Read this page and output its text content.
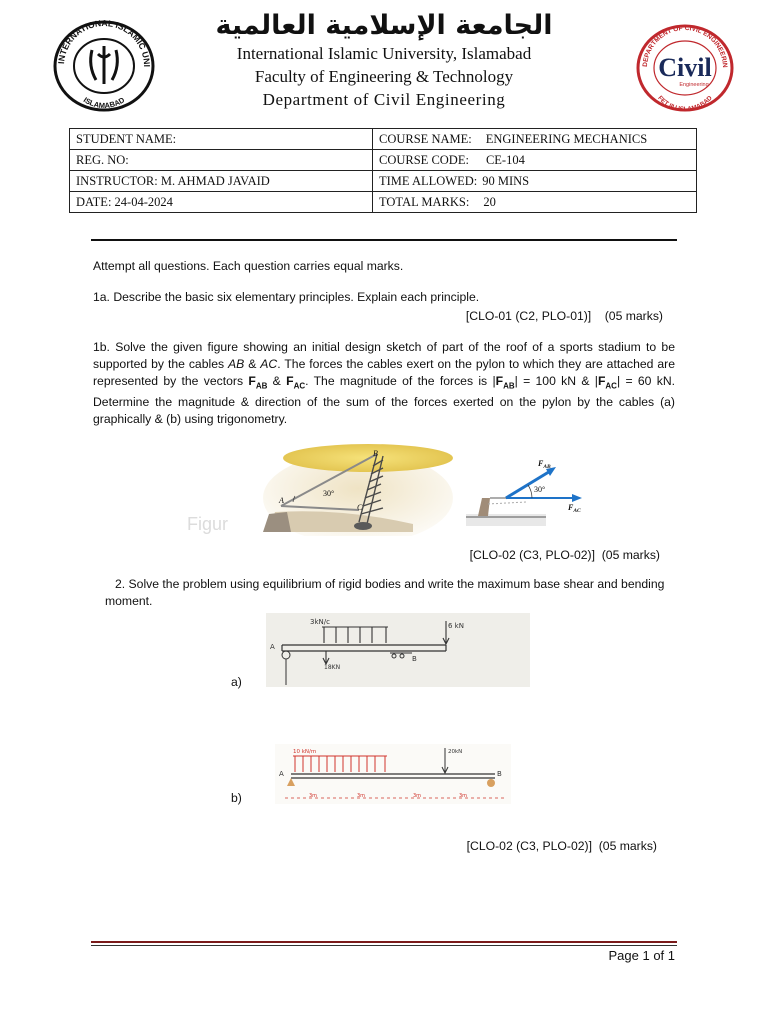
INTERNATIONAL ISLAMIC UNI
ISLAMABAD
الجامعة الإسلامية العالمية
International Islamic University, Islamabad
Faculty of Engineering & Technology
Department of Civil Engineering
DEPARTMENT OF CIVIL ENGINEERIN
FET IIU ISLAMABAD
Civil
Engineering
STUDENT NAME:	COURSE NAME: ENGINEERING MECHANICS
REG. NO:	COURSE CODE: CE-104
INSTRUCTOR: M. AHMAD JAVAID	TIME ALLOWED: 90 MINS
DATE: 24-04-2024	TOTAL MARKS: 20
Attempt all questions. Each question carries equal marks.
1a. Describe the basic six elementary principles. Explain each principle.
[CLO-01 (C2, PLO-01)] (05 marks)
1b. Solve the given figure showing an initial design sketch of part of the roof of a sports stadium to be supported by the cables AB & AC. The forces the cables exert on the pylon to which they are attached are represented by the vectors $F_{AB}$ & $F_{AC}$. The magnitude of the forces is $|F_{AB}| = 100$ kN & $|F_{AC}| = 60$ kN. Determine the magnitude & direction of the sum of the forces exerted on the pylon by the cables (a) graphically & (b) using trigonometry.
A
B
C
30°
Figur
$F_{AB}$
$F_{AC}$
30°
[CLO-02 (C3, PLO-02)] (05 marks)
2. Solve the problem using equilibrium of rigid bodies and write the maximum base shear and bending moment.
3kN/c	6 kN
18KN
A
B
a)
10 kN/m	20kN
A	B
3m	3m	3m	3m
b)
[CLO-02 (C3, PLO-02)] (05 marks)
Page 1 of 1
